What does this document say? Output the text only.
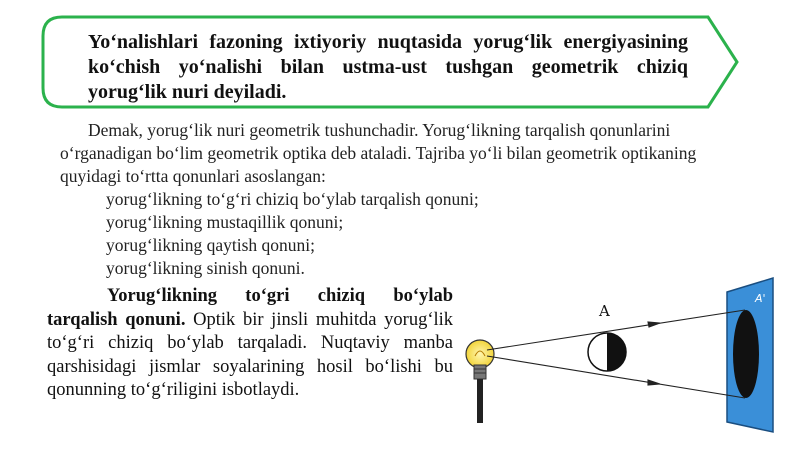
Yo‘nalishlari fazoning ixtiyoriy nuqtasida yorug‘lik energiyasining ko‘chish yo‘nalishi bilan ustma-ust tushgan geometrik chiziq yorug‘lik nuri deyiladi.
Demak, yorug‘lik nuri geometrik tushunchadir. Yorug‘likning tarqalish qonunlarini o‘rganadigan bo‘lim geometrik optika deb ataladi. Tajriba yo‘li bilan geometrik optikaning quyidagi to‘rtta qonunlari asoslangan:
yorug‘likning to‘g‘ri chiziq bo‘ylab tarqalish qonuni;
yorug‘likning mustaqillik qonuni;
yorug‘likning qaytish qonuni;
yorug‘likning sinish qonuni.
Yorug‘likning to‘gri chiziq bo‘ylab tarqalish qonuni. Optik bir jinsli muhitda yorug‘lik to‘g‘ri chiziq bo‘ylab tarqaladi. Nuqtaviy manba qarshisidagi jismlar soyalarining hosil bo‘lishi bu qonunning to‘g‘riligini isbotlaydi.
A'
A
